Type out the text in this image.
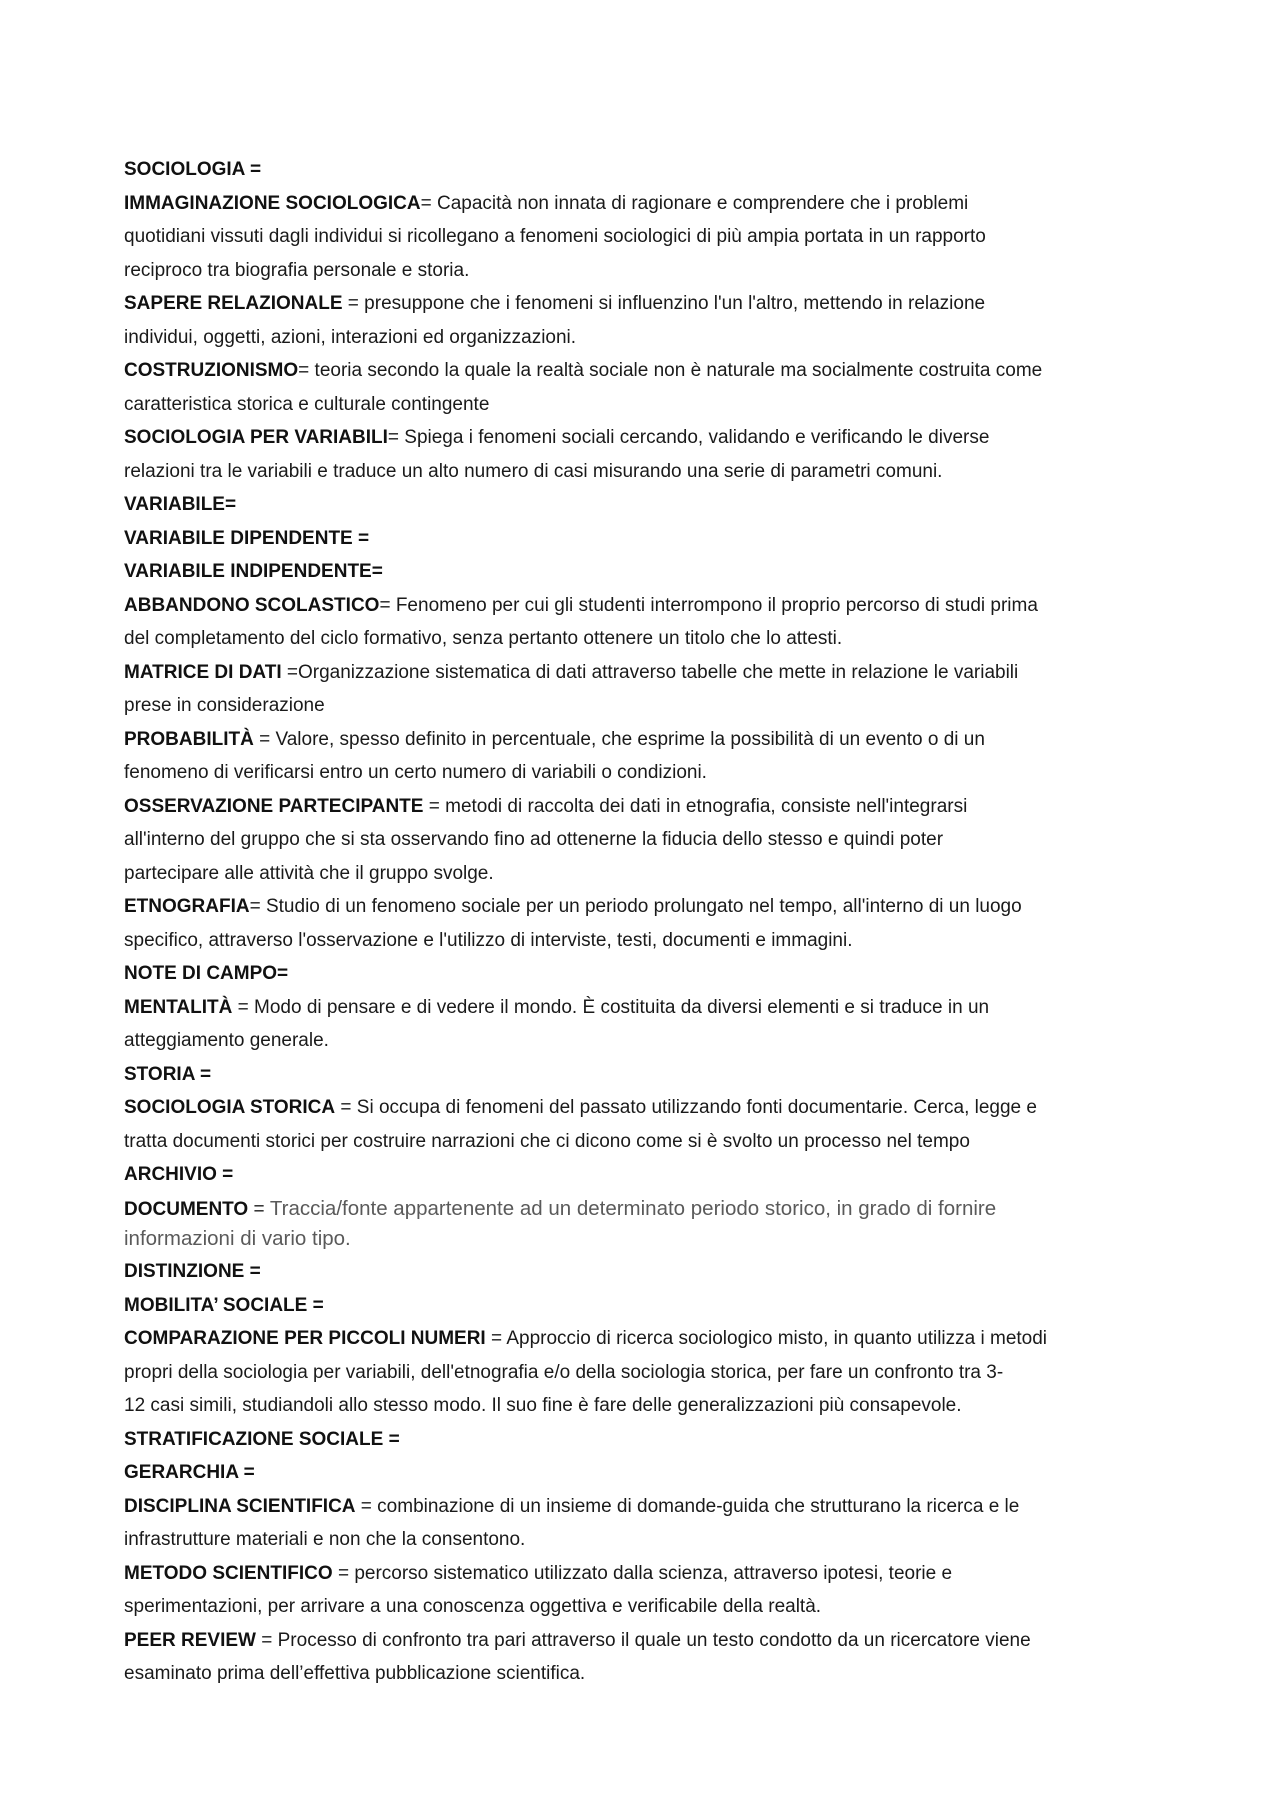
SOCIOLOGIA =
IMMAGINAZIONE SOCIOLOGICA= Capacità non innata di ragionare e comprendere che i problemi
quotidiani vissuti dagli individui si ricollegano a fenomeni sociologici di più ampia portata in un rapporto
reciproco tra biografia personale e storia.
SAPERE RELAZIONALE = presuppone che i fenomeni si influenzino l'un l'altro, mettendo in relazione
individui, oggetti, azioni, interazioni ed organizzazioni.
COSTRUZIONISMO= teoria secondo la quale la realtà sociale non è naturale ma socialmente costruita come
caratteristica storica e culturale contingente
SOCIOLOGIA PER VARIABILI= Spiega i fenomeni sociali cercando, validando e verificando le diverse
relazioni tra le variabili e traduce un alto numero di casi misurando una serie di parametri comuni.
VARIABILE=
VARIABILE DIPENDENTE =
VARIABILE INDIPENDENTE=
ABBANDONO SCOLASTICO= Fenomeno per cui gli studenti interrompono il proprio percorso di studi prima
del completamento del ciclo formativo, senza pertanto ottenere un titolo che lo attesti.
MATRICE DI DATI =Organizzazione sistematica di dati attraverso tabelle che mette in relazione le variabili
prese in considerazione
PROBABILITÀ = Valore, spesso definito in percentuale, che esprime la possibilità di un evento o di un
fenomeno di verificarsi entro un certo numero di variabili o condizioni.
OSSERVAZIONE PARTECIPANTE = metodi di raccolta dei dati in etnografia, consiste nell'integrarsi
all'interno del gruppo che si sta osservando fino ad ottenerne la fiducia dello stesso e quindi poter
partecipare alle attività che il gruppo svolge.
ETNOGRAFIA= Studio di un fenomeno sociale per un periodo prolungato nel tempo, all'interno di un luogo
specifico, attraverso l'osservazione e l'utilizzo di interviste, testi, documenti e immagini.
NOTE DI CAMPO=
MENTALITÀ = Modo di pensare e di vedere il mondo. È costituita da diversi elementi e si traduce in un
atteggiamento generale.
STORIA =
SOCIOLOGIA STORICA = Si occupa di fenomeni del passato utilizzando fonti documentarie. Cerca, legge e
tratta documenti storici per costruire narrazioni che ci dicono come si è svolto un processo nel tempo
ARCHIVIO =
DOCUMENTO = Traccia/fonte appartenente ad un determinato periodo storico, in grado di fornire
informazioni di vario tipo.
DISTINZIONE =
MOBILITA’ SOCIALE =
COMPARAZIONE PER PICCOLI NUMERI = Approccio di ricerca sociologico misto, in quanto utilizza i metodi
propri della sociologia per variabili, dell'etnografia e/o della sociologia storica, per fare un confronto tra 3-
12 casi simili, studiandoli allo stesso modo. Il suo fine è fare delle generalizzazioni più consapevole.
STRATIFICAZIONE SOCIALE =
GERARCHIA =
DISCIPLINA SCIENTIFICA = combinazione di un insieme di domande-guida che strutturano la ricerca e le
infrastrutture materiali e non che la consentono.
METODO SCIENTIFICO = percorso sistematico utilizzato dalla scienza, attraverso ipotesi, teorie e
sperimentazioni, per arrivare a una conoscenza oggettiva e verificabile della realtà.
PEER REVIEW = Processo di confronto tra pari attraverso il quale un testo condotto da un ricercatore viene
esaminato prima dell’effettiva pubblicazione scientifica.
